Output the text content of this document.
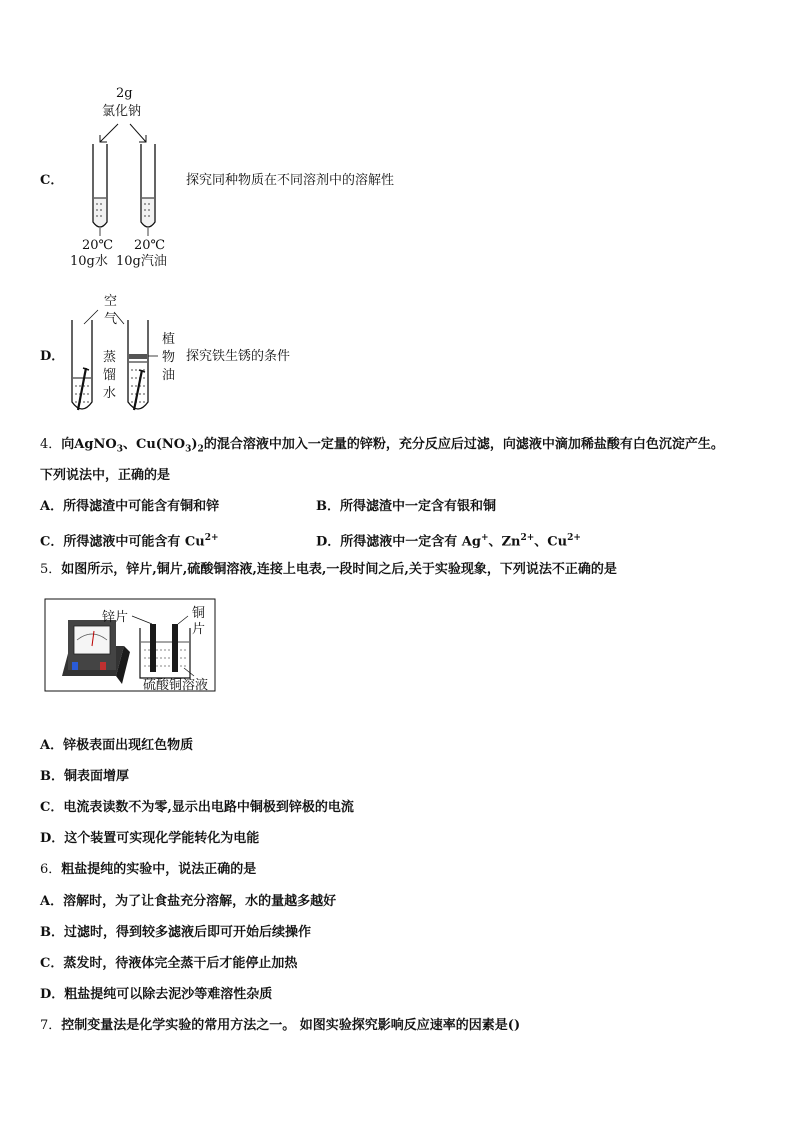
C．
2g
氯化钠
20℃
10g水
20℃
10g汽油
探究同种物质在不同溶剂中的溶解性
D．
空
气
蒸
馏
水
植
物
油
探究铁生锈的条件
4．向AgNO$_3$、$Cu(NO_3)_2$的混合溶液中加入一定量的锌粉，充分反应后过滤，向滤液中滴加稀盐酸有白色沉淀产生。
下列说法中，正确的是
A．所得滤渣中可能含有铜和锌	B．所得滤渣中一定含有银和铜
C．所得滤液中可能含有 $Cu^{2+}$	D．所得滤液中一定含有 Ag+、$Zn^{2+}$、$Cu^{2+}$
5．如图所示，锌片,铜片,硫酸铜溶液,连接上电表,一段时间之后,关于实验现象，下列说法不正确的是
锌片	铜
片
硫酸铜溶液
A．锌极表面出现红色物质
B．铜表面增厚
C．电流表读数不为零,显示出电路中铜极到锌极的电流
D．这个装置可实现化学能转化为电能
6．粗盐提纯的实验中，说法正确的是
A．溶解时，为了让食盐充分溶解，水的量越多越好
B．过滤时，得到较多滤液后即可开始后续操作
C．蒸发时，待液体完全蒸干后才能停止加热
D．粗盐提纯可以除去泥沙等难溶性杂质
7．控制变量法是化学实验的常用方法之一。 如图实验探究影响反应速率的因素是()
